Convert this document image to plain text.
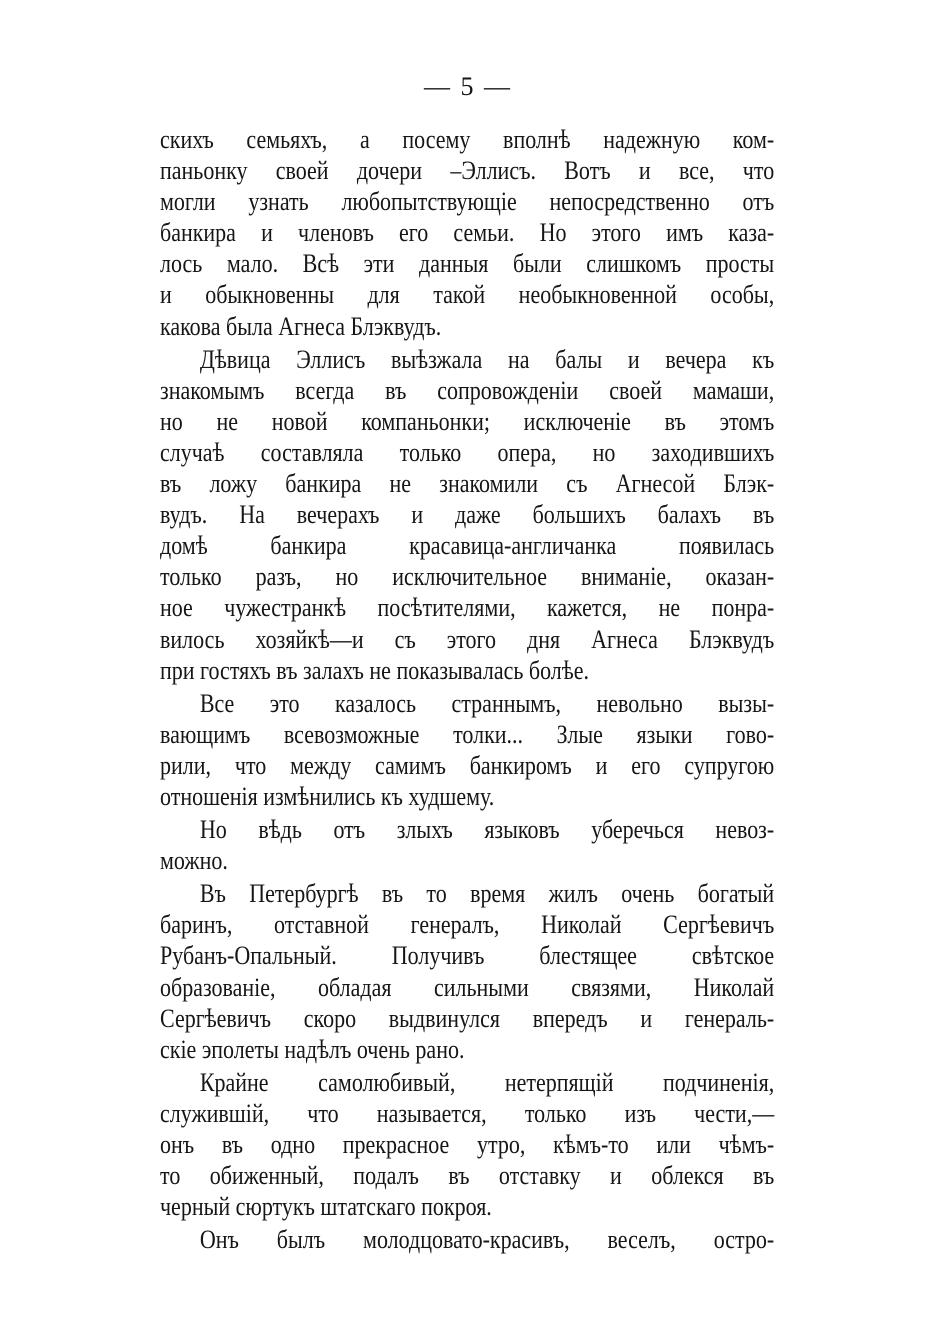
— 5 —
скихъ семьяхъ, а посему вполнѣ надежную ком-
паньонку своей дочери –Эллисъ. Вотъ и все, что
могли узнать любопытствующіе непосредственно отъ
банкира и членовъ его семьи. Но этого имъ каза-
лось мало. Всѣ эти данныя были слишкомъ просты
и обыкновенны для такой необыкновенной особы,
какова была Агнеса Блэквудъ.
Дѣвица Эллисъ выѣзжала на балы и вечера къ
знакомымъ всегда въ сопровожденіи своей мамаши,
но не новой компаньонки; исключеніе въ этомъ
случаѣ составляла только опера, но заходившихъ
въ ложу банкира не знакомили съ Агнесой Блэк-
вудъ. На вечерахъ и даже большихъ балахъ въ
домѣ банкира красавица-англичанка появилась
только разъ, но исключительное вниманіе, оказан-
ное чужестранкѣ посѣтителями, кажется, не понра-
вилось хозяйкѣ—и съ этого дня Агнеса Блэквудъ
при гостяхъ въ залахъ не показывалась болѣе.
Все это казалось страннымъ, невольно вызы-
вающимъ всевозможные толки... Злые языки гово-
рили, что между самимъ банкиромъ и его супругою
отношенія измѣнились къ худшему.
Но вѣдь отъ злыхъ языковъ уберечься невоз-
можно.
Въ Петербургѣ въ то время жилъ очень богатый
баринъ, отставной генералъ, Николай Сергѣевичъ
Рубанъ-Опальный. Получивъ блестящее свѣтское
образованіе, обладая сильными связями, Николай
Сергѣевичъ скоро выдвинулся впередъ и генераль-
скіе эполеты надѣлъ очень рано.
Крайне самолюбивый, нетерпящій подчиненія,
служившій, что называется, только изъ чести,—
онъ въ одно прекрасное утро, кѣмъ-то или чѣмъ-
то обиженный, подалъ въ отставку и облекся въ
черный сюртукъ штатскаго покроя.
Онъ былъ молодцовато-красивъ, веселъ, остро-
